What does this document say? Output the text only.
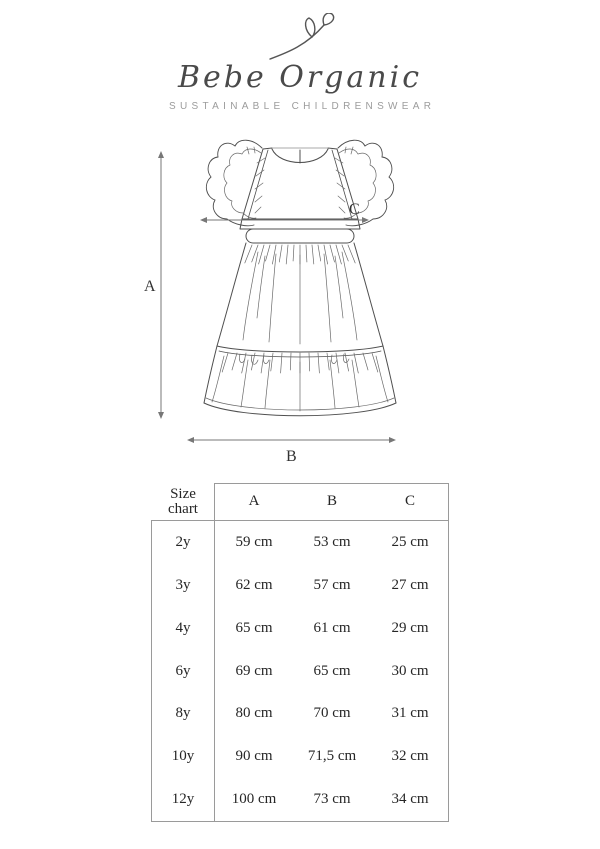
Bebe Organic
SUSTAINABLE CHILDRENSWEAR
A
C
B
Size chart	A	B	C
2y	59 cm	53 cm	25 cm
3y	62 cm	57 cm	27 cm
4y	65 cm	61 cm	29 cm
6y	69 cm	65 cm	30 cm
8y	80 cm	70 cm	31 cm
10y	90 cm	71,5 cm	32 cm
12y	100 cm	73 cm	34 cm
